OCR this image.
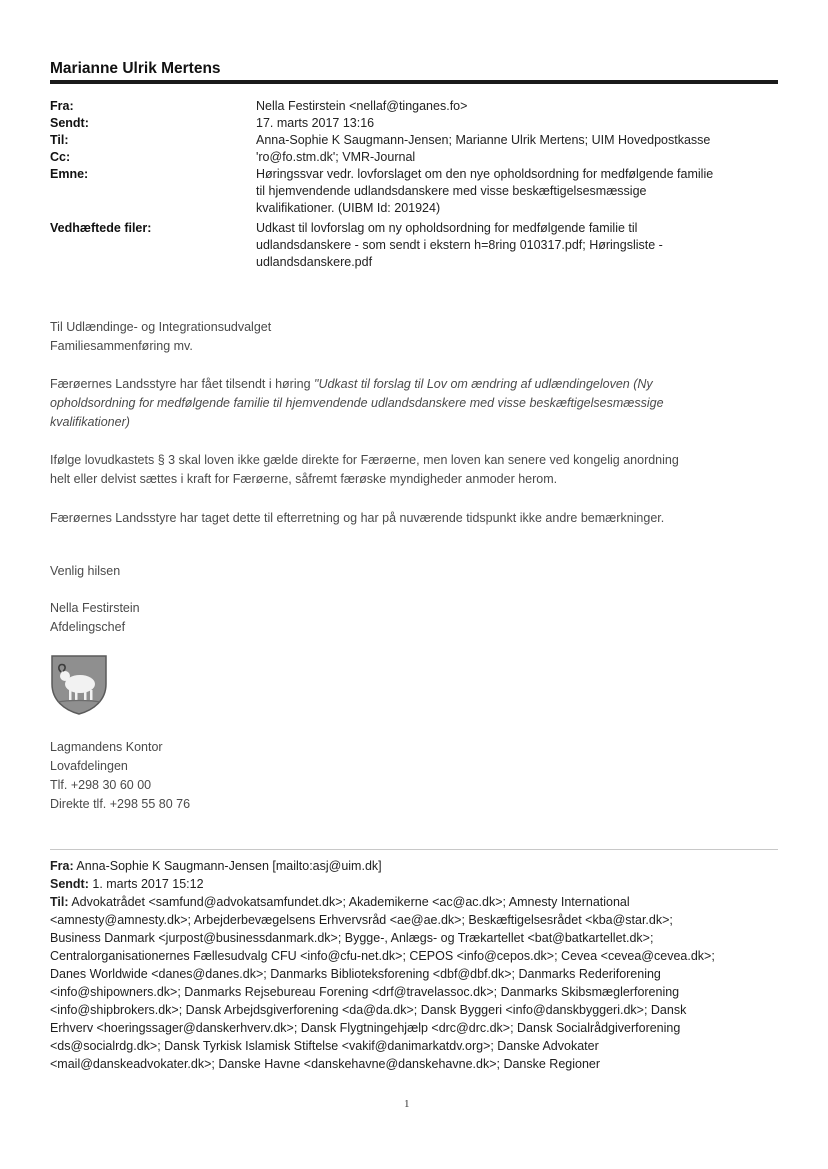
Marianne Ulrik Mertens
Fra:	Nella Festirstein <nellaf@tinganes.fo>
Sendt:	17. marts 2017 13:16
Til:	Anna-Sophie K Saugmann-Jensen; Marianne Ulrik Mertens; UIM Hovedpostkasse
Cc:	'ro@fo.stm.dk'; VMR-Journal
Emne:	Høringssvar vedr. lovforslaget om den nye opholdsordning for medfølgende familie
til hjemvendende udlandsdanskere med visse beskæftigelsesmæssige
kvalifikationer. (UIBM Id: 201924)
Vedhæftede filer:	Udkast til lovforslag om ny opholdsordning for medfølgende familie til
udlandsdanskere - som sendt i ekstern h=8ring 010317.pdf; Høringsliste -
udlandsdanskere.pdf

Til Udlændinge- og Integrationsudvalget

Familiesammenføring mv.

Færøernes Landsstyre har fået tilsendt i høring "Udkast til forslag til Lov om ændring af udlændingeloven (Ny

opholdsordning for medfølgende familie til hjemvendende udlandsdanskere med visse beskæftigelsesmæssige

kvalifikationer)

Ifølge lovudkastets § 3 skal loven ikke gælde direkte for Færøerne, men loven kan senere ved kongelig anordning

helt eller delvist sættes i kraft for Færøerne, såfremt færøske myndigheder anmoder herom.

Færøernes Landsstyre har taget dette til efterretning og har på nuværende tidspunkt ikke andre bemærkninger.

Venlig hilsen

Nella Festirstein

Afdelingschef

Lagmandens Kontor

Lovafdelingen

Tlf. +298 30 60 00

Direkte tlf. +298 55 80 76

Fra: Anna-Sophie K Saugmann-Jensen [mailto:asj@uim.dk]
Sendt: 1. marts 2017 15:12
Til: Advokatrådet <samfund@advokatsamfundet.dk>; Akademikerne <ac@ac.dk>; Amnesty International
<amnesty@amnesty.dk>; Arbejderbevægelsens Erhvervsråd <ae@ae.dk>; Beskæftigelsesrådet <kba@star.dk>;
Business Danmark <jurpost@businessdanmark.dk>; Bygge-, Anlægs- og Trækartellet <bat@batkartellet.dk>;
Centralorganisationernes Fællesudvalg CFU <info@cfu-net.dk>; CEPOS <info@cepos.dk>; Cevea <cevea@cevea.dk>;
Danes Worldwide <danes@danes.dk>; Danmarks Biblioteksforening <dbf@dbf.dk>; Danmarks Rederiforening
<info@shipowners.dk>; Danmarks Rejsebureau Forening <drf@travelassoc.dk>; Danmarks Skibsmæglerforening
<info@shipbrokers.dk>; Dansk Arbejdsgiverforening <da@da.dk>; Dansk Byggeri <info@danskbyggeri.dk>; Dansk
Erhverv <hoeringssager@danskerhverv.dk>; Dansk Flygtningehjælp <drc@drc.dk>; Dansk Socialrådgiverforening
<ds@socialrdg.dk>; Dansk Tyrkisk Islamisk Stiftelse <vakif@danimarkatdv.org>; Danske Advokater
<mail@danskeadvokater.dk>; Danske Havne <danskehavne@danskehavne.dk>; Danske Regioner
1
